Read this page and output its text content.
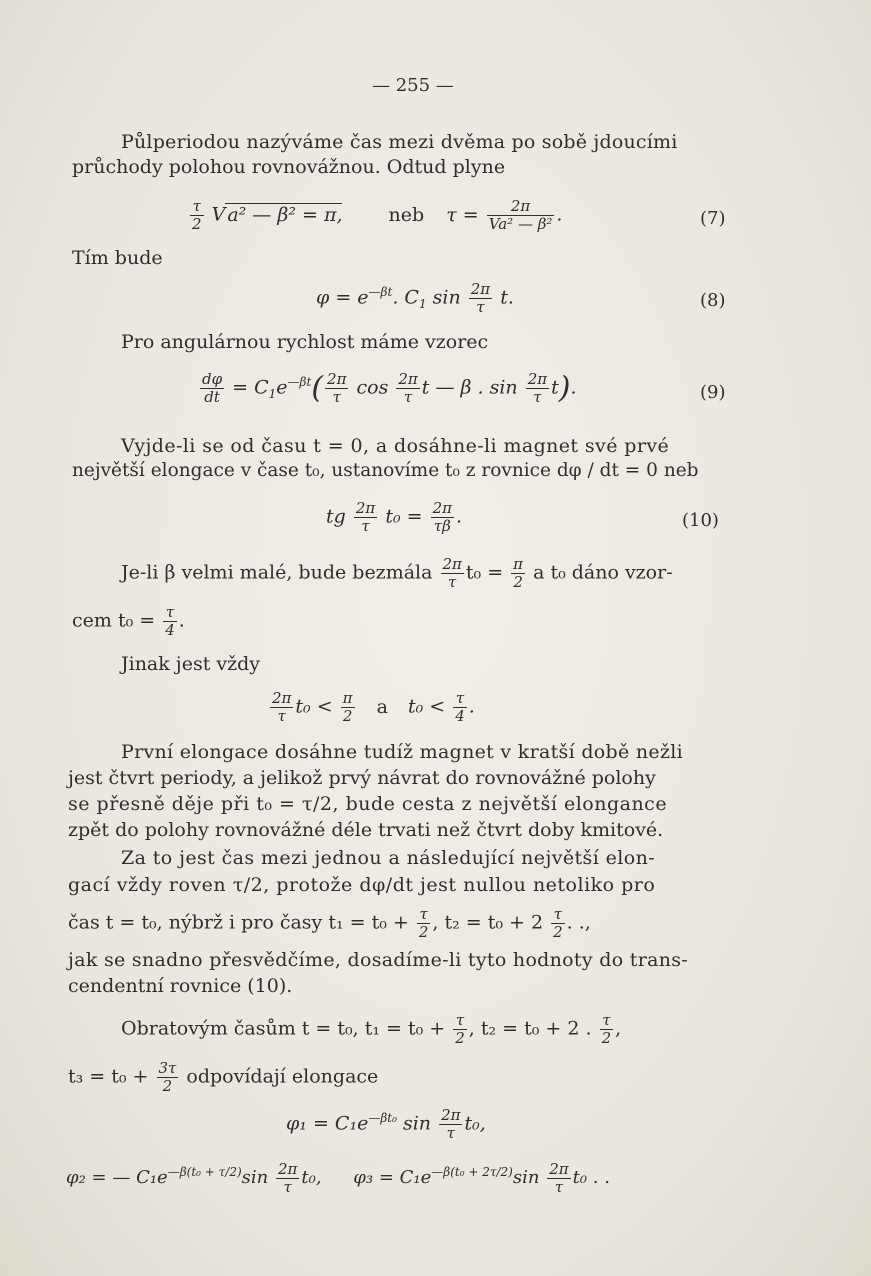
— 255 —
Půlperiodou nazýváme čas mezi dvěma po sobě jdoucími
průchody polohou rovnovážnou. Odtud plyne
$\frac{\tau}{2}$ V a² — β² = π, neb $\tau = \frac{2\pi}{\text{Va² — β²}}$ .	(7)
Tím bude
$\varphi = e^{—\beta t}$. $C_1$ $\sin \frac{2\pi}{\tau} t$.	(8)
Pro angulárnou rychlost máme vzorec
$\frac{d\varphi}{dt} = C_1e^{—\beta t}( \frac{2\pi}{\tau}$ $\cos \frac{2\pi}{\tau}$ t — β . $\sin \frac{2\pi}{\tau} t$).	(9)
Vyjde-li se od času t = 0, a dosáhne-li magnet své prvé
největší elongace v čase t₀, ustanovíme t₀ z rovnice dφ / dt = 0 neb
tg $\frac{2\pi}{\tau} t_0 = \frac{2\pi}{\tau\beta}$ .	(10)
Je-li β velmi malé, bude bezmála $\frac{2\pi}{\tau} t_0 = \frac{\pi}{2}$ a t₀ dáno vzor-
cem $t_0 = \frac{\tau}{4}$ .
Jinak jest vždy
$\frac{2\pi}{\tau} t_0 < \frac{\pi}{2}$ a $t_0 < \frac{\tau}{4}$ .
První elongace dosáhne tudíž magnet v kratší době nežli
jest čtvrt periody, a jelikož prvý návrat do rovnovážné polohy
se přesně děje při t₀ = τ/2, bude cesta z největší elongance
zpět do polohy rovnovážné déle trvati než čtvrt doby kmitové.
Za to jest čas mezi jednou a následující největší elon-
gací vždy roven τ/2, protože dφ/dt jest nullou netoliko pro
čas t = t₀, nýbrž i pro časy $t_1 = t_0 + \frac{\tau}{2}$ , $t_2 = t_0 + 2 \frac{\tau}{2}$ . .,
jak se snadno přesvědčíme, dosadíme-li tyto hodnoty do trans-
cendentní rovnice (10).
Obratovým časům t = t₀, $t_1 = t_0 + \frac{\tau}{2}$ , t₂ = t₀ + 2 . $\frac{\tau}{2}$ ,
$t_3 = t_0 + \frac{3\tau}{2}$ odpovídají elongace
$\varphi_1 = C_1e^{—\beta t_0}$ $\sin \frac{2\pi}{\tau} t_0$,
φ₂ = — $C_1e^{—\beta(t_0 + \tau/2)}\sin \frac{2\pi}{\tau} t_0$, $\varphi_3 = C_1e^{—\beta(t_0 + 2\tau/2)}\sin \frac{2\pi}{\tau} t_0$ . .
